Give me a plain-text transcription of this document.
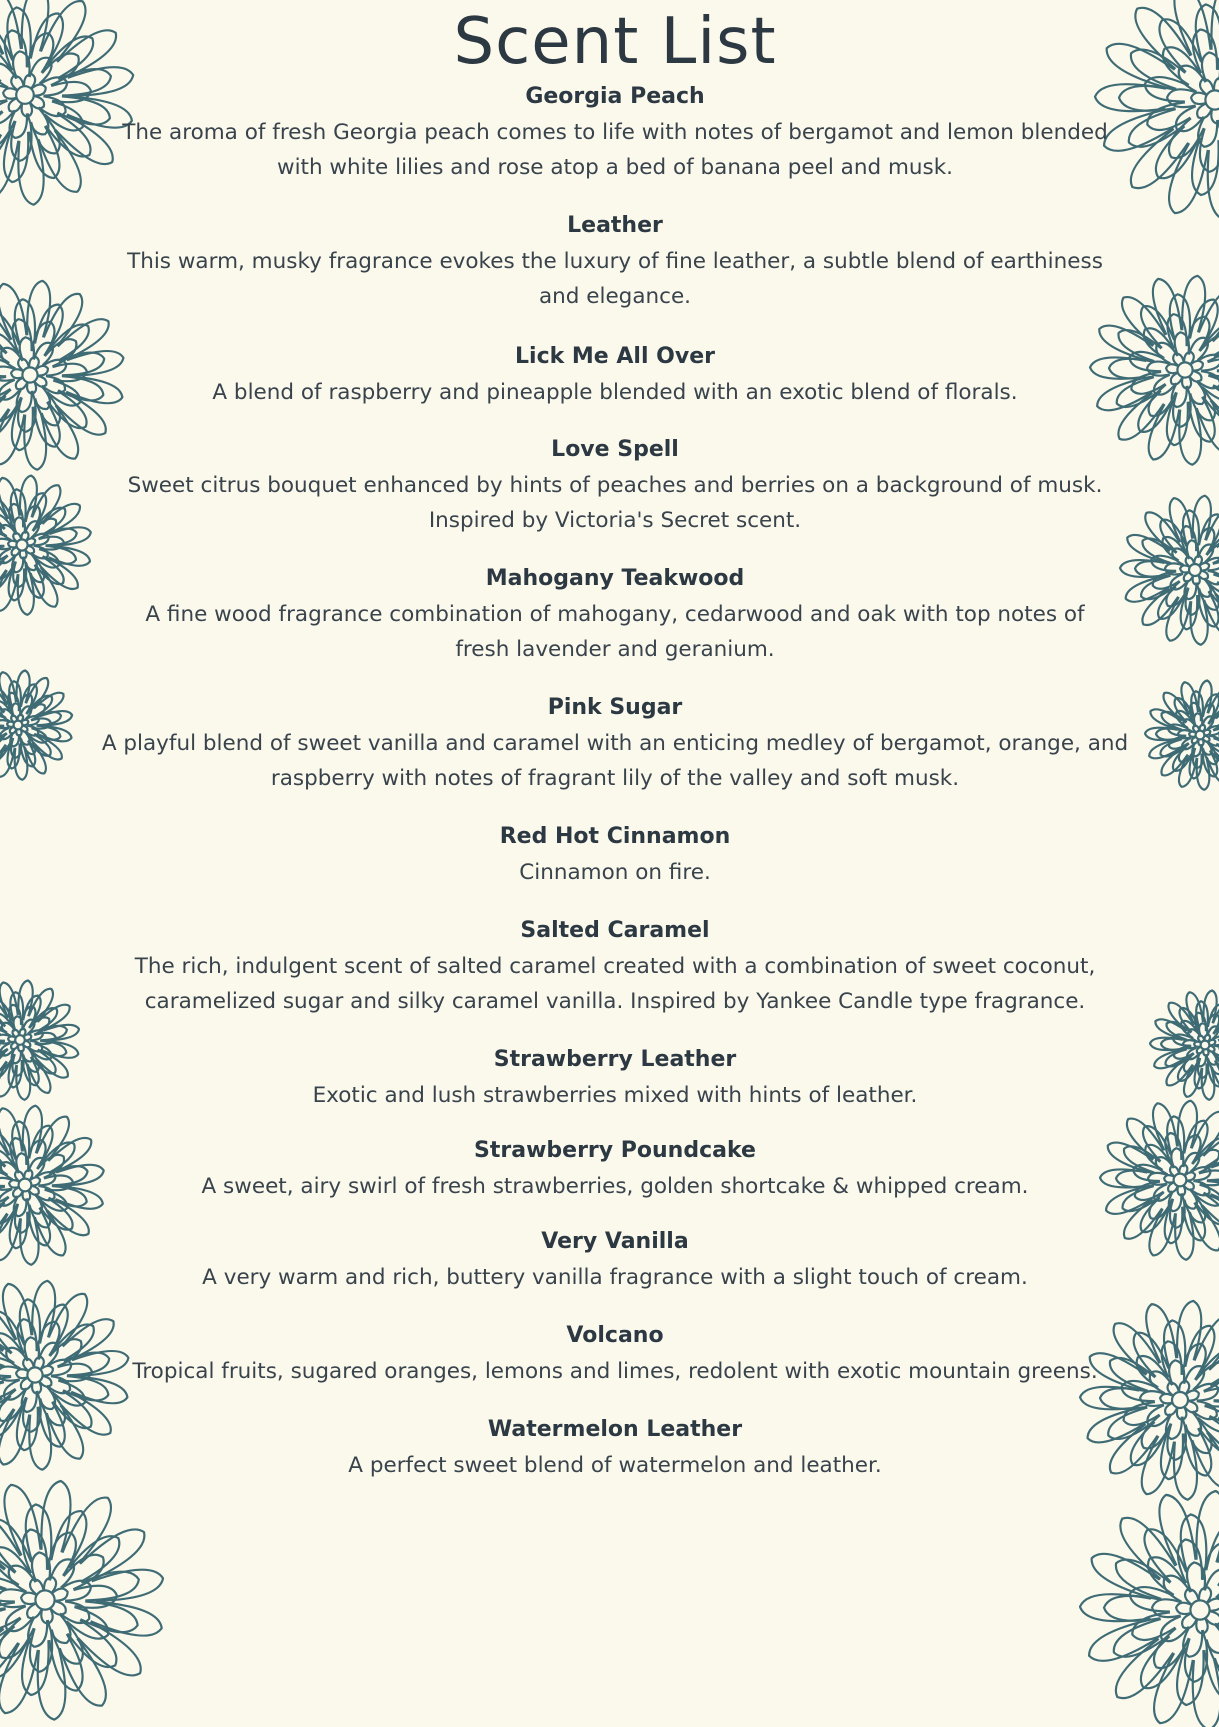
Scent List
Georgia Peach
The aroma of fresh Georgia peach comes to life with notes of bergamot and lemon blended with white lilies and rose atop a bed of banana peel and musk.
Leather
This warm, musky fragrance evokes the luxury of fine leather, a subtle blend of earthiness and elegance.
Lick Me All Over
A blend of raspberry and pineapple blended with an exotic blend of florals.
Love Spell
Sweet citrus bouquet enhanced by hints of peaches and berries on a background of musk. Inspired by Victoria's Secret scent.
Mahogany Teakwood
A fine wood fragrance combination of mahogany, cedarwood and oak with top notes of fresh lavender and geranium.
Pink Sugar
A playful blend of sweet vanilla and caramel with an enticing medley of bergamot, orange, and raspberry with notes of fragrant lily of the valley and soft musk.
Red Hot Cinnamon
Cinnamon on fire.
Salted Caramel
The rich, indulgent scent of salted caramel created with a combination of sweet coconut, caramelized sugar and silky caramel vanilla. Inspired by Yankee Candle type fragrance.
Strawberry Leather
Exotic and lush strawberries mixed with hints of leather.
Strawberry Poundcake
A sweet, airy swirl of fresh strawberries, golden shortcake & whipped cream.
Very Vanilla
A very warm and rich, buttery vanilla fragrance with a slight touch of cream.
Volcano
Tropical fruits, sugared oranges, lemons and limes, redolent with exotic mountain greens.
Watermelon Leather
A perfect sweet blend of watermelon and leather.
